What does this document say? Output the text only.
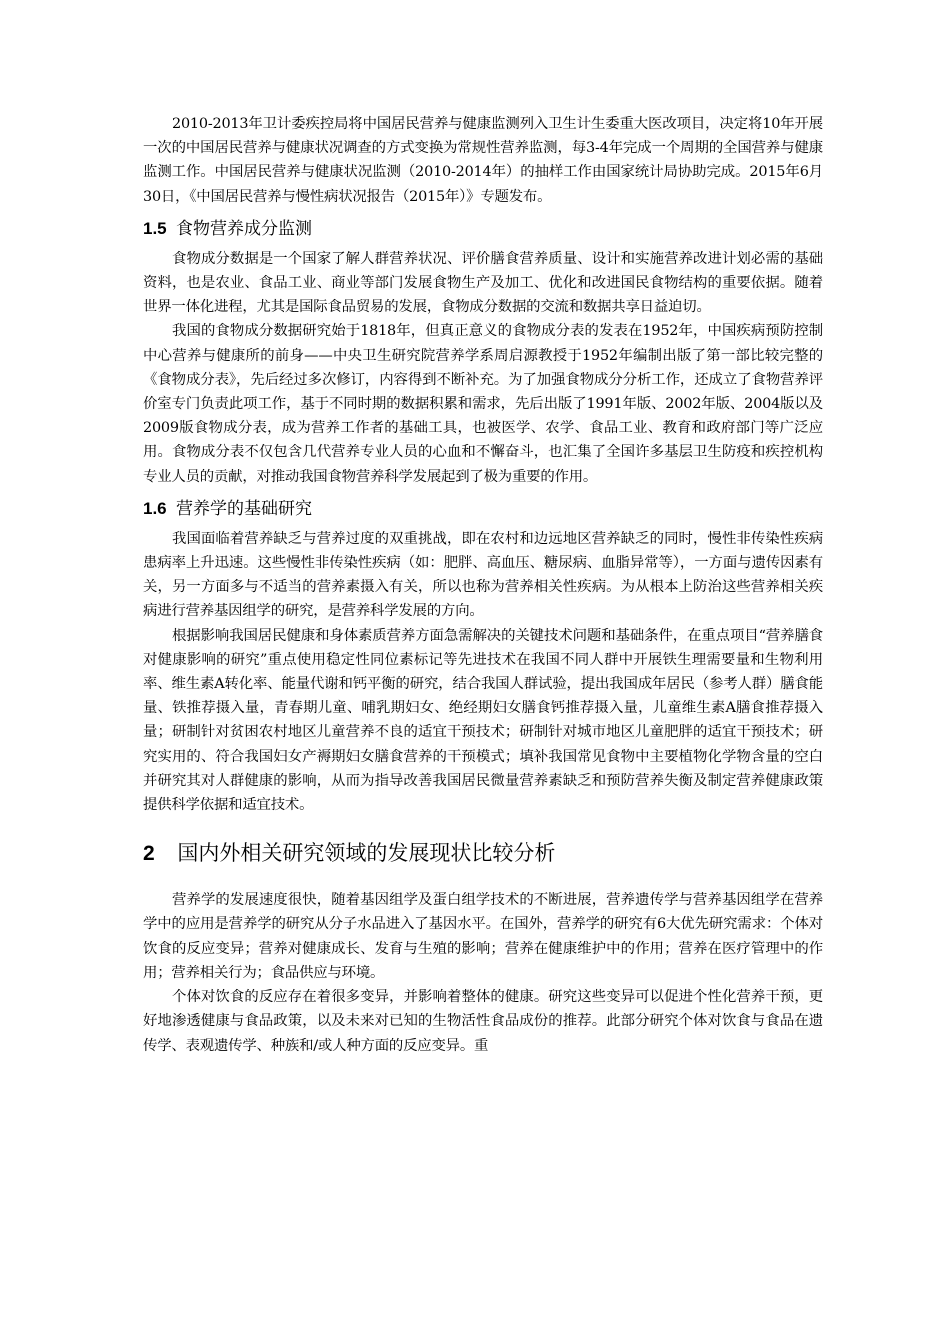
2010-2013年卫计委疾控局将中国居民营养与健康监测列入卫生计生委重大医改项目，决定将10年开展一次的中国居民营养与健康状况调查的方式变换为常规性营养监测，每3-4年完成一个周期的全国营养与健康监测工作。中国居民营养与健康状况监测（2010-2014年）的抽样工作由国家统计局协助完成。2015年6月30日，《中国居民营养与慢性病状况报告（2015年）》专题发布。

1.5 食物营养成分监测

食物成分数据是一个国家了解人群营养状况、评价膳食营养质量、设计和实施营养改进计划必需的基础资料，也是农业、食品工业、商业等部门发展食物生产及加工、优化和改进国民食物结构的重要依据。随着世界一体化进程，尤其是国际食品贸易的发展，食物成分数据的交流和数据共享日益迫切。

我国的食物成分数据研究始于1818年，但真正意义的食物成分表的发表在1952年，中国疾病预防控制中心营养与健康所的前身——中央卫生研究院营养学系周启源教授于1952年编制出版了第一部比较完整的《食物成分表》，先后经过多次修订，内容得到不断补充。为了加强食物成分分析工作，还成立了食物营养评价室专门负责此项工作，基于不同时期的数据积累和需求，先后出版了1991年版、2002年版、2004版以及2009版食物成分表，成为营养工作者的基础工具，也被医学、农学、食品工业、教育和政府部门等广泛应用。食物成分表不仅包含几代营养专业人员的心血和不懈奋斗，也汇集了全国许多基层卫生防疫和疾控机构专业人员的贡献，对推动我国食物营养科学发展起到了极为重要的作用。

1.6 营养学的基础研究

我国面临着营养缺乏与营养过度的双重挑战，即在农村和边远地区营养缺乏的同时，慢性非传染性疾病患病率上升迅速。这些慢性非传染性疾病（如：肥胖、高血压、糖尿病、血脂异常等），一方面与遗传因素有关，另一方面多与不适当的营养素摄入有关，所以也称为营养相关性疾病。为从根本上防治这些营养相关疾病进行营养基因组学的研究，是营养科学发展的方向。

根据影响我国居民健康和身体素质营养方面急需解决的关键技术问题和基础条件，在重点项目“营养膳食对健康影响的研究”重点使用稳定性同位素标记等先进技术在我国不同人群中开展铁生理需要量和生物利用率、维生素A转化率、能量代谢和钙平衡的研究，结合我国人群试验，提出我国成年居民（参考人群）膳食能量、铁推荐摄入量，青春期儿童、哺乳期妇女、绝经期妇女膳食钙推荐摄入量，儿童维生素A膳食推荐摄入量；研制针对贫困农村地区儿童营养不良的适宜干预技术；研制针对城市地区儿童肥胖的适宜干预技术；研究实用的、符合我国妇女产褥期妇女膳食营养的干预模式；填补我国常见食物中主要植物化学物含量的空白并研究其对人群健康的影响，从而为指导改善我国居民微量营养素缺乏和预防营养失衡及制定营养健康政策提供科学依据和适宜技术。

2 国内外相关研究领域的发展现状比较分析

营养学的发展速度很快，随着基因组学及蛋白组学技术的不断进展，营养遗传学与营养基因组学在营养学中的应用是营养学的研究从分子水品进入了基因水平。在国外，营养学的研究有6大优先研究需求：个体对饮食的反应变异；营养对健康成长、发育与生殖的影响；营养在健康维护中的作用；营养在医疗管理中的作用；营养相关行为；食品供应与环境。

个体对饮食的反应存在着很多变异，并影响着整体的健康。研究这些变异可以促进个性化营养干预，更好地渗透健康与食品政策，以及未来对已知的生物活性食品成份的推荐。此部分研究个体对饮食与食品在遗传学、表观遗传学、种族和/或人种方面的反应变异。重
